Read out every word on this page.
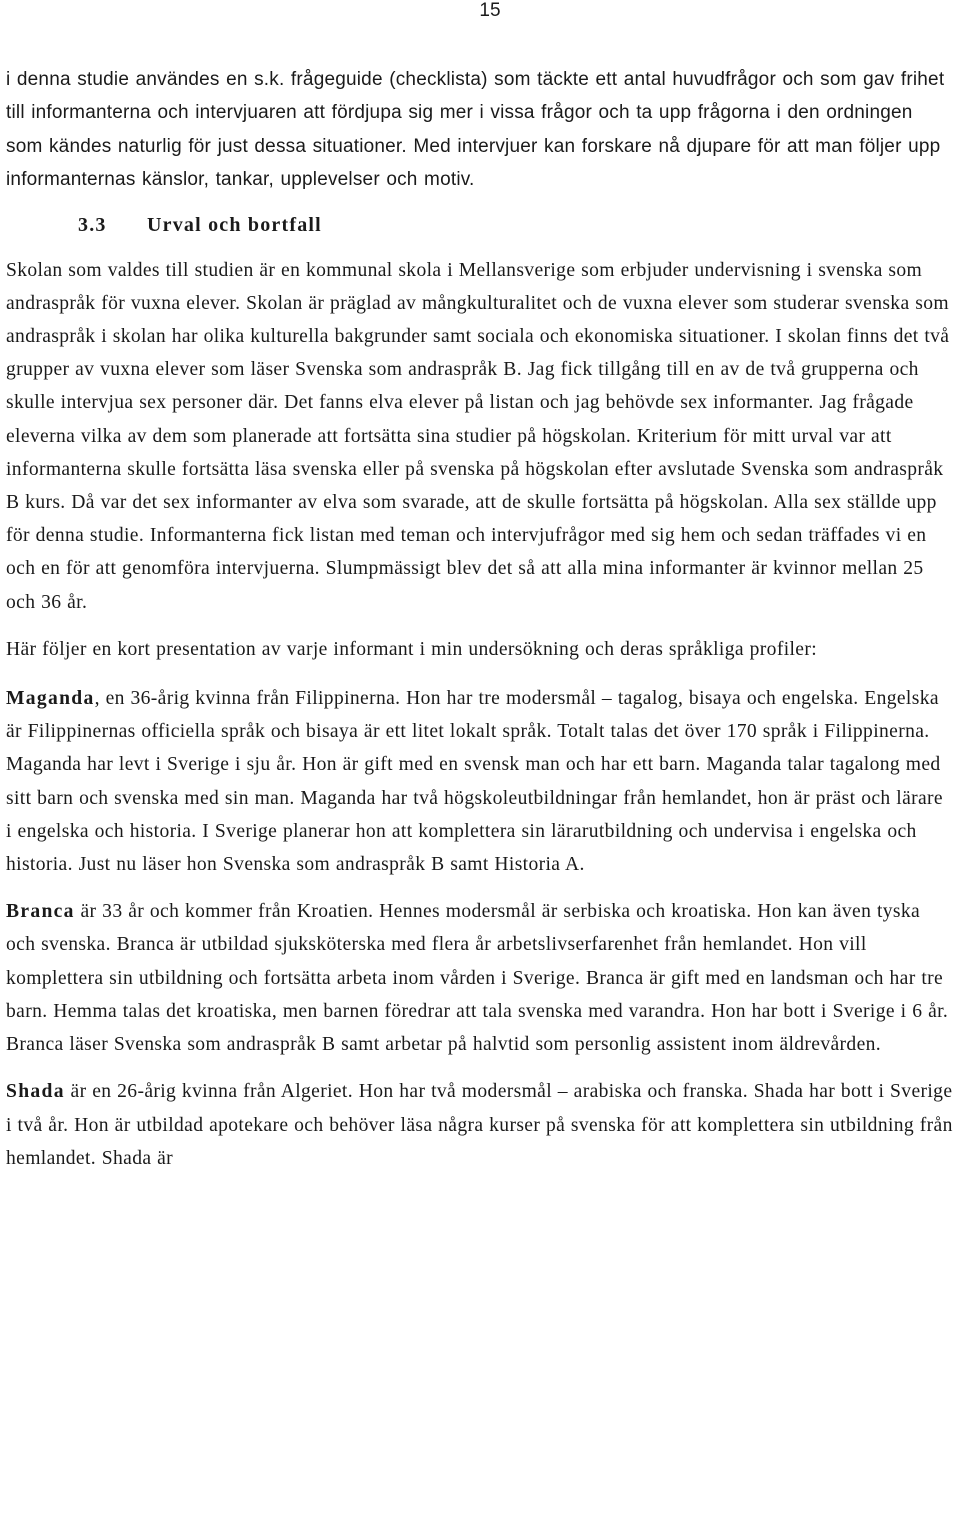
15

i denna studie användes en s.k. frågeguide (checklista) som täckte ett antal huvudfrågor och som gav frihet till informanterna och intervjuaren att fördjupa sig mer i vissa frågor och ta upp frågorna i den ordningen som kändes naturlig för just dessa situationer. Med intervjuer kan forskare nå djupare för att man följer upp informanternas känslor, tankar, upplevelser och motiv.

3.3 Urval och bortfall

Skolan som valdes till studien är en kommunal skola i Mellansverige som erbjuder undervisning i svenska som andraspråk för vuxna elever. Skolan är präglad av mångkulturalitet och de vuxna elever som studerar svenska som andraspråk i skolan har olika kulturella bakgrunder samt sociala och ekonomiska situationer. I skolan finns det två grupper av vuxna elever som läser Svenska som andraspråk B. Jag fick tillgång till en av de två grupperna och skulle intervjua sex personer där. Det fanns elva elever på listan och jag behövde sex informanter. Jag frågade eleverna vilka av dem som planerade att fortsätta sina studier på högskolan. Kriterium för mitt urval var att informanterna skulle fortsätta läsa svenska eller på svenska på högskolan efter avslutade Svenska som andraspråk B kurs. Då var det sex informanter av elva som svarade, att de skulle fortsätta på högskolan. Alla sex ställde upp för denna studie. Informanterna fick listan med teman och intervjufrågor med sig hem och sedan träffades vi en och en för att genomföra intervjuerna. Slumpmässigt blev det så att alla mina informanter är kvinnor mellan 25 och 36 år.

Här följer en kort presentation av varje informant i min undersökning och deras språkliga profiler:

Maganda, en 36-årig kvinna från Filippinerna. Hon har tre modersmål – tagalog, bisaya och engelska. Engelska är Filippinernas officiella språk och bisaya är ett litet lokalt språk. Totalt talas det över 170 språk i Filippinerna. Maganda har levt i Sverige i sju år. Hon är gift med en svensk man och har ett barn. Maganda talar tagalong med sitt barn och svenska med sin man. Maganda har två högskoleutbildningar från hemlandet, hon är präst och lärare i engelska och historia. I Sverige planerar hon att komplettera sin lärarutbildning och undervisa i engelska och historia. Just nu läser hon Svenska som andraspråk B samt Historia A.

Branca är 33 år och kommer från Kroatien. Hennes modersmål är serbiska och kroatiska. Hon kan även tyska och svenska. Branca är utbildad sjuksköterska med flera år arbetslivserfarenhet från hemlandet. Hon vill komplettera sin utbildning och fortsätta arbeta inom vården i Sverige. Branca är gift med en landsman och har tre barn. Hemma talas det kroatiska, men barnen föredrar att tala svenska med varandra. Hon har bott i Sverige i 6 år. Branca läser Svenska som andraspråk B samt arbetar på halvtid som personlig assistent inom äldrevården.

Shada är en 26-årig kvinna från Algeriet. Hon har två modersmål – arabiska och franska. Shada har bott i Sverige i två år. Hon är utbildad apotekare och behöver läsa några kurser på svenska för att komplettera sin utbildning från hemlandet. Shada är
